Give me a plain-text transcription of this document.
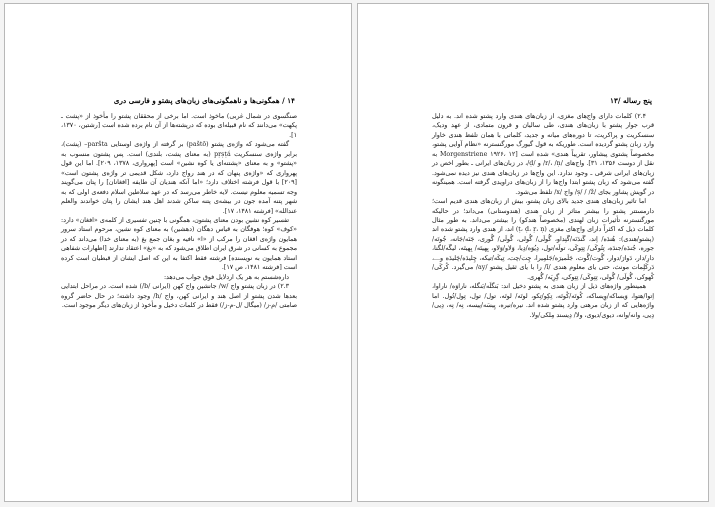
۱۴ / همگونی‌ها و ناهمگونی‌های زبان‌های پشتو و فارسی دری

صنگسوی در شمال غربی) ماخوذ است. اما برخی از محققان پشتو را مأخوذ از «پشت ـ پکهت» می‌دانند که نام قبیله‌ای بوده که درپشته‌ها از آن نام برده شده است [رشتین، ۱۳۷۰، ۱].

گفته می‌شود که واژه‌ی پشتو (paštō) بر گرفته از واژه‌ی اوستایی paršta– (پشت)، برابر واژه‌ی سنسکریت pṛṣṭá (به معنای پشت، بلندی) است. پس پشتون منسوب به «پشتو» و به معنای «پشتنه‌ای یا کوه نشین» است [پهرواری، ۱۳۷۸، ۲۰۹]. اما این قول پهرواری که «واژه‌ی پنهان که در هند رواج دارد، شکل قدیمی تر واژه‌ی پشتون است» [۲۰۹] با قول فرشته اختلاف دارد؛ «اما آنکه هندیان آن طایفه [افغانان] را پتان می‌گویند وجه تسمیه معلوم نیست. لایه خاطر می‌رسد که در عهد سلاطین اسلام دفعه‌ی اولی که به شهر پتنه آمده جون در بیشه‌ی پتنه ساکن شدند اهل هند ایشان را پتان خواندند والعلم عندالله» [فرشته ۱۴۸۱، ۱۷].

تفسیر کوه نشین بودن معنای پشتون، همگونی با چنین تفسیری از کلمه‌ی «افغان» دارد: «کوف» کوه؛ هوفگان به قیاس دهگان (دهشین) به معنای کوه نشین، مرحوم استاد سرور همایون واژه‌ی افغان را مرکب از «ا» نافیه و بغان جمع بغ (به معنای خدا) می‌داند که در مجموع به کسانی در شرق ایران اطلاق می‌شود که به «بغ» اعتقاد ندارند [اظهارات شفاهی استاد همایون به نویسنده] فرشته فقط اکتفا به این که اصل ایشان از قبطیان است کرده است [فرشته ۱۴۸۱، ص ۱۷].

داره‌شستم به هر یک اردلایل فوق جواب می‌دهد:

۲.۳) در زبان پشتو واج /w/ جانشین واج کهن (ایرانی /b/) شده است. در مراحل ابتدایی بعدها شدن پشتو از اصل هند و ایرانی کهن، واج /h/ وجود داشته؛ در حال حاضر گروه صامتی /م-ز/ (میگال /ل-م-ز/) فقط در کلمات دخیل و مأخوذ از زبان‌های دیگر موجود است.

پنج رساله /۱۳

۲.۴) کلمات دارای واج‌های مغزی، از زبان‌های هندی وارد پشتو شده اند. به دلیل قرب جوار پشتو با زبان‌های هندی، طی سالیان و قرون متمادی، از عهد ودیک، سنسکریت و پراکریت، تا دوره‌های میانه و جدید، کلماتی با همان تلفظ هندی خاوار وارد زبان پشتو گردیده است. طوریکه به قول گیورگ مورگنسترنه «نظام آوایی پشتو، مخصوصاً پشتوی پیشاور، تقریباً هندی» شده است [۱۲ ،۱۹۲۶ Morgenstriene به نقل از دوست ۱۳۵۶، ۳۱]. واج‌های /r/، /ṇ/ و /ḍ/، در زبان‌های ایرانی ـ بطور اخص در زبان‌های ایرانی شرقی ـ وجود ندارد. این واج‌ها در زبان‌های هندی نیز دیده نمی‌شود. گفته می‌شود که زبان پشتو ابتدا واج‌ها را از زبان‌های دراویدی گرفته است. همینگونه در گویش پشاور بجای /ṣ/ / /ž/ واج /x/ تلفظ می‌شود.

اما تاثیر زبان‌های هندی جدید بالای زبان پشتو، بیش از زبان‌های هندی قدیم است؛ دارمستتر پشتو را بیشتر متاثر از زبان هندی (هندوستانی) می‌داند؛ در حالیکه مورگنسترنه تأثیرات زبان لهندی (مخصوصاً هندکو) را بیشتر می‌داند. به طور مثال کلمات ذیل که اکثراً دارای واج‌های مغزی (ṭ، ḍ، ṛ، ṇ) اند، از هندی وارد پشتو شده اند (پشتو/هندی): هُندَه/ اِند، گَندَنَه/گَنِداو، گُولَی/ گُولی، گُولَی/ گُوری، جَنَه/جَانه، جُوتَه/جوره، جُندَه/جندَه، تِتُوکَی/ تِتِوکَی، تولَه/تول، دِیُوَه/دِیا، وَلاو/وَلاو، بِهیتَه/ بِهیتَه، لیگَه/لگنا، دارِ/دار، دَوارَ/دوار، گُوت/گُوت، جَلَمیرَه/جَلمِیرا، چِت/چت، تِیکَه/تیکه، چِلیدَه/چَلیدَه و...، دَرکَلِمات مونث، حتی یای معلوم هندی /ī/ را با یای ثقیل پشتو /ay/ می‌گیرد. کُرکَی/ کُهوکی، گُولَی/ گُولی، تِتِوکَی/ تِتِوکی، گِرِیَه/ گُهری.

همینطور واژه‌های ذیل از زبان هندی به پشتو دخیل اند: بَنگلَه/بَنگله، ناراوَه/ ناراوا، اِتوا/هتوا، وَیساکه/وِیساکه، کُوتَه/کُوتَه، تِکِو/تِکو، لوتَه/ لوتَه، تول/ تول، تِول/تُول. اما واژه‌هایی که از زبان مرهتی وارد پشتو شده اند. نیره‌/نیره، پِیسَه/پیسه، نِه/ نِه، دِیی/دِیی، وانه/وانه، دیوی/دیوی، ولا/ دِیسند مِلکی/ولا.
